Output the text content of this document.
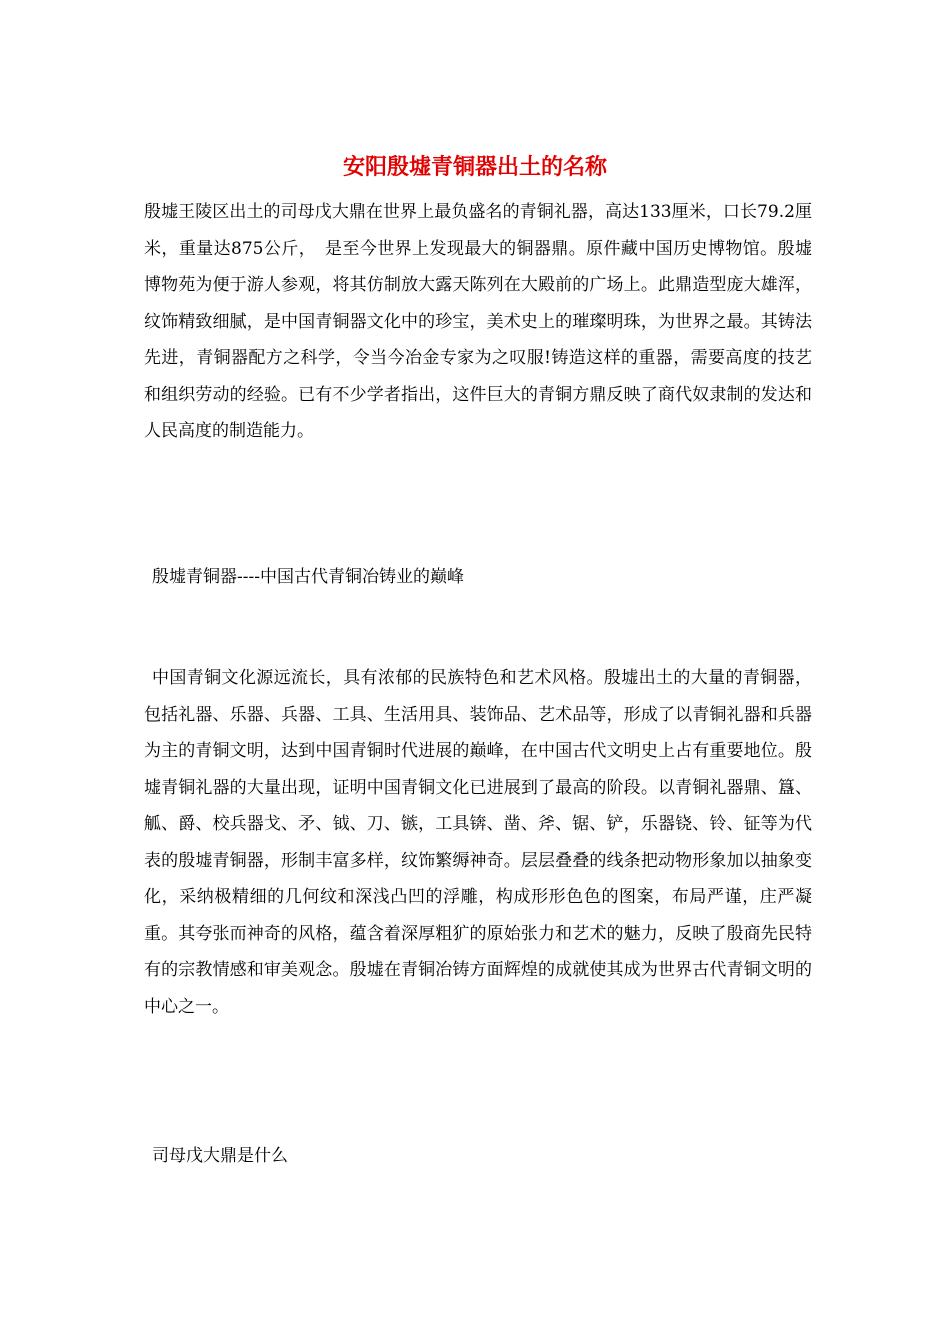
安阳殷墟青铜器出土的名称

殷墟王陵区出土的司母戊大鼎在世界上最负盛名的青铜礼器，高达133厘米，口长79.2厘米，重量达875公斤，　是至今世界上发现最大的铜器鼎。原件藏中国历史博物馆。殷墟博物苑为便于游人参观，将其仿制放大露天陈列在大殿前的广场上。此鼎造型庞大雄浑，纹饰精致细腻，是中国青铜器文化中的珍宝，美术史上的璀璨明珠，为世界之最。其铸法先进，青铜器配方之科学，令当今冶金专家为之叹服!铸造这样的重器，需要高度的技艺和组织劳动的经验。已有不少学者指出，这件巨大的青铜方鼎反映了商代奴隶制的发达和人民高度的制造能力。

殷墟青铜器----中国古代青铜冶铸业的巅峰

中国青铜文化源远流长，具有浓郁的民族特色和艺术风格。殷墟出土的大量的青铜器，包括礼器、乐器、兵器、工具、生活用具、装饰品、艺术品等，形成了以青铜礼器和兵器为主的青铜文明，达到中国青铜时代进展的巅峰，在中国古代文明史上占有重要地位。殷墟青铜礼器的大量出现，证明中国青铜文化已进展到了最高的阶段。以青铜礼器鼎、簋、觚、爵、校兵器戈、矛、钺、刀、镞，工具锛、凿、斧、锯、铲，乐器铙、铃、钲等为代表的殷墟青铜器，形制丰富多样，纹饰繁缛神奇。层层叠叠的线条把动物形象加以抽象变化，采纳极精细的几何纹和深浅凸凹的浮雕，构成形形色色的图案，布局严谨，庄严凝重。其夸张而神奇的风格，蕴含着深厚粗犷的原始张力和艺术的魅力，反映了殷商先民特有的宗教情感和审美观念。殷墟在青铜冶铸方面辉煌的成就使其成为世界古代青铜文明的中心之一。

司母戊大鼎是什么
